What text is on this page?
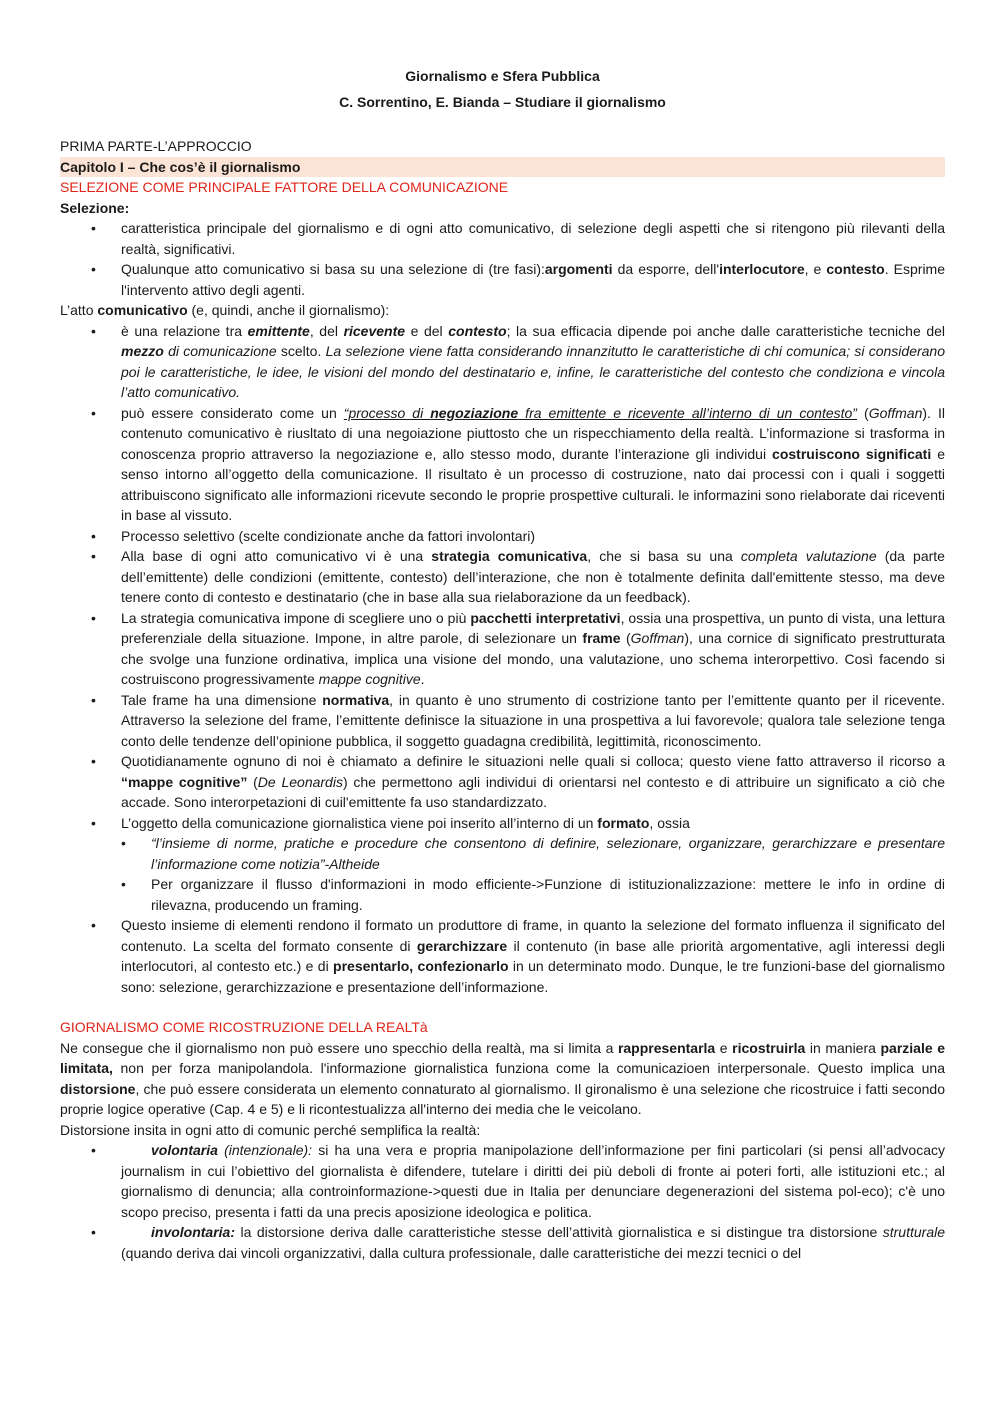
Giornalismo e Sfera Pubblica

C. Sorrentino, E. Bianda – Studiare il giornalismo

PRIMA PARTE-L’APPROCCIO

Capitolo I – Che cos’è il giornalismo

SELEZIONE COME PRINCIPALE FATTORE DELLA COMUNICAZIONE

Selezione:

• caratteristica principale del giornalismo e di ogni atto comunicativo, di selezione degli aspetti che si ritengono più rilevanti della realtà, significativi.
• Qualunque atto comunicativo si basa su una selezione di (tre fasi):argomenti da esporre, dell'interlocutore, e contesto. Esprime l'intervento attivo degli agenti.

L’atto comunicativo (e, quindi, anche il giornalismo):

• è una relazione tra emittente, del ricevente e del contesto; la sua efficacia dipende poi anche dalle caratteristiche tecniche del mezzo di comunicazione scelto. La selezione viene fatta considerando innanzitutto le caratteristiche di chi comunica; si considerano poi le caratteristiche, le idee, le visioni del mondo del destinatario e, infine, le caratteristiche del contesto che condiziona e vincola l’atto comunicativo.
• può essere considerato come un “processo di negoziazione fra emittente e ricevente all’interno di un contesto” (Goffman). Il contenuto comunicativo è riusltato di una negoiazione piuttosto che un rispecchiamento della realtà. L’informazione si trasforma in conoscenza proprio attraverso la negoziazione e, allo stesso modo, durante l’interazione gli individui costruiscono significati e senso intorno all’oggetto della comunicazione. Il risultato è un processo di costruzione, nato dai processi con i quali i soggetti attribuiscono significato alle informazioni ricevute secondo le proprie prospettive culturali. le informazini sono rielaborate dai riceventi in base al vissuto.
• Processo selettivo (scelte condizionate anche da fattori involontari)
• Alla base di ogni atto comunicativo vi è una strategia comunicativa, che si basa su una completa valutazione (da parte dell’emittente) delle condizioni (emittente, contesto) dell’interazione, che non è totalmente definita dall'emittente stesso, ma deve tenere conto di contesto e destinatario (che in base alla sua rielaborazione da un feedback).
• La strategia comunicativa impone di scegliere uno o più pacchetti interpretativi, ossia una prospettiva, un punto di vista, una lettura preferenziale della situazione. Impone, in altre parole, di selezionare un frame (Goffman), una cornice di significato prestrutturata che svolge una funzione ordinativa, implica una visione del mondo, una valutazione, uno schema interorpettivo. Così facendo si costruiscono progressivamente mappe cognitive.
• Tale frame ha una dimensione normativa, in quanto è uno strumento di costrizione tanto per l’emittente quanto per il ricevente. Attraverso la selezione del frame, l’emittente definisce la situazione in una prospettiva a lui favorevole; qualora tale selezione tenga conto delle tendenze dell’opinione pubblica, il soggetto guadagna credibilità, legittimità, riconoscimento.
• Quotidianamente ognuno di noi è chiamato a definire le situazioni nelle quali si colloca; questo viene fatto attraverso il ricorso a “mappe cognitive” (De Leonardis) che permettono agli individui di orientarsi nel contesto e di attribuire un significato a ciò che accade. Sono interorpetazioni di cuil'emittente fa uso standardizzato.
• L’oggetto della comunicazione giornalistica viene poi inserito all’interno di un formato, ossia
• “l’insieme di norme, pratiche e procedure che consentono di definire, selezionare, organizzare, gerarchizzare e presentare l’informazione come notizia”-Altheide
• Per organizzare il flusso d'informazioni in modo efficiente->Funzione di istituzionalizzazione: mettere le info in ordine di rilevazna, producendo un framing.
• Questo insieme di elementi rendono il formato un produttore di frame, in quanto la selezione del formato influenza il significato del contenuto. La scelta del formato consente di gerarchizzare il contenuto (in base alle priorità argomentative, agli interessi degli interlocutori, al contesto etc.) e di presentarlo, confezionarlo in un determinato modo. Dunque, le tre funzioni-base del giornalismo sono: selezione, gerarchizzazione e presentazione dell’informazione.

GIORNALISMO COME RICOSTRUZIONE DELLA REALTà

Ne consegue che il giornalismo non può essere uno specchio della realtà, ma si limita a rappresentarla e ricostruirla in maniera parziale e limitata, non per forza manipolandola. l'informazione giornalistica funziona come la comunicazioen interpersonale. Questo implica una distorsione, che può essere considerata un elemento connaturato al giornalismo. Il gironalismo è una selezione che ricostruice i fatti secondo proprie logice operative (Cap. 4 e 5) e li ricontestualizza all'interno dei media che le veicolano.

Distorsione insita in ogni atto di comunic perché semplifica la realtà:

• volontaria (intenzionale): si ha una vera e propria manipolazione dell’informazione per fini particolari (si pensi all’advocacy journalism in cui l’obiettivo del giornalista è difendere, tutelare i diritti dei più deboli di fronte ai poteri forti, alle istituzioni etc.; al giornalismo di denuncia; alla controinformazione->questi due in Italia per denunciare degenerazioni del sistema pol-eco); c'è uno scopo preciso, presenta i fatti da una precis aposizione ideologica e politica.
• involontaria: la distorsione deriva dalle caratteristiche stesse dell’attività giornalistica e si distingue tra distorsione strutturale (quando deriva dai vincoli organizzativi, dalla cultura professionale, dalle caratteristiche dei mezzi tecnici o del
